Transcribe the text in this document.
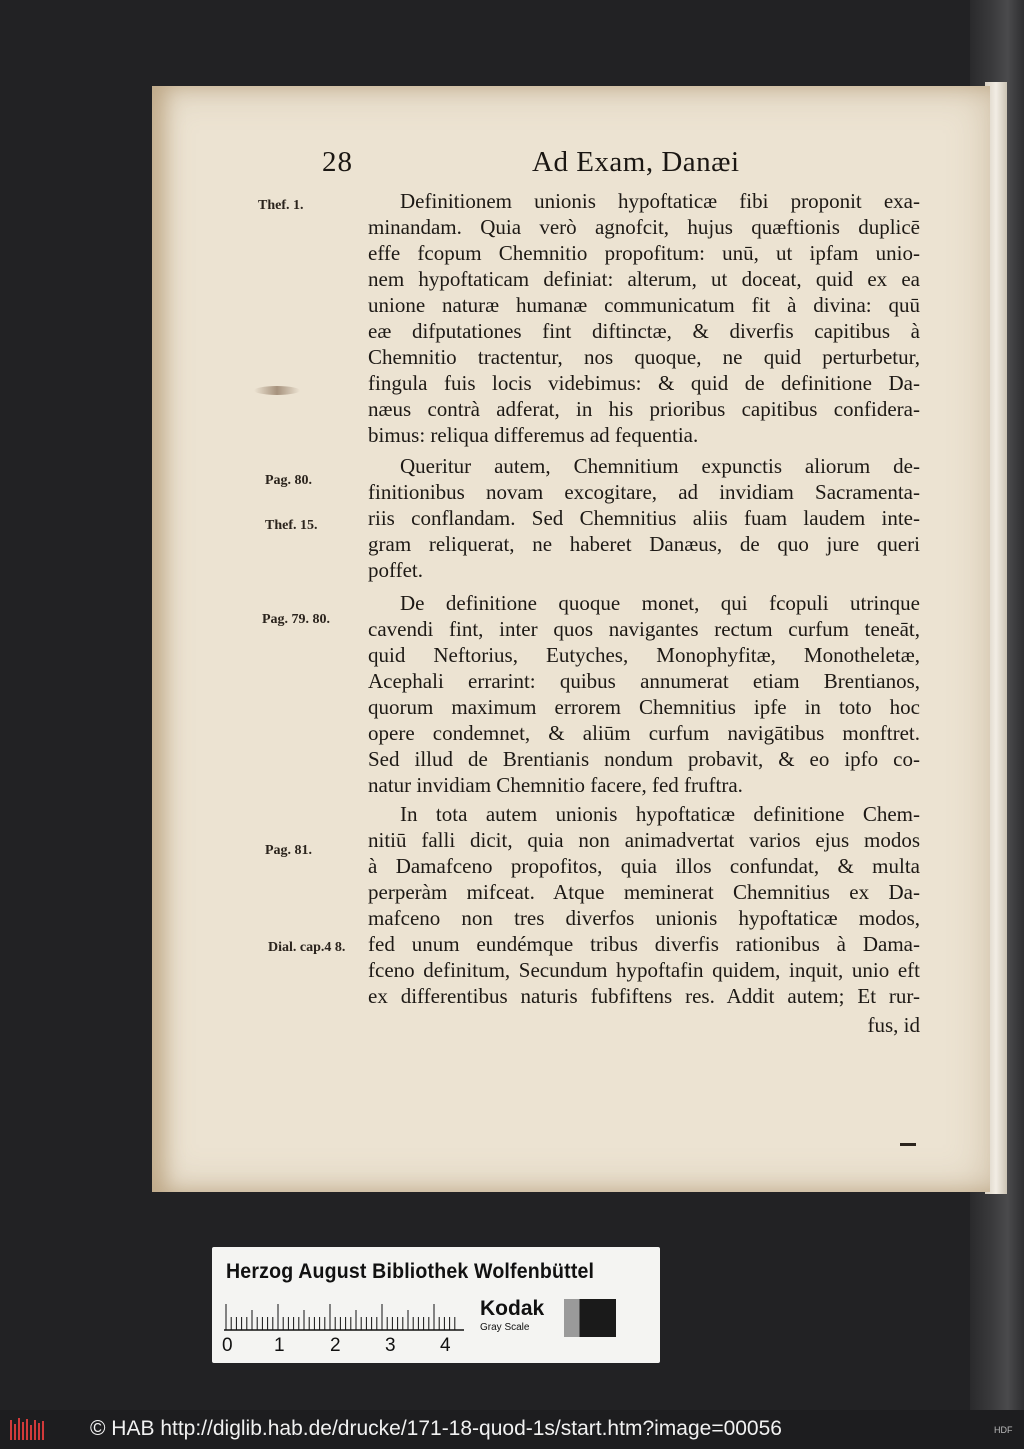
28	Ad Exam, Danæi
Thef. 1.
Pag. 80.
Thef. 15.
Pag. 79. 80.
Pag. 81.
Dial. cap.4 8.
Definitionem unionis hypoftaticæ fibi proponit exa-
minandam. Quia verò agnofcit, hujus quæftionis duplicē
effe fcopum Chemnitio propofitum: unū, ut ipfam unio-
nem hypoftaticam definiat: alterum, ut doceat, quid ex ea
unione naturæ humanæ communicatum fit à divina: quū
eæ difputationes fint diftinctæ, & diverfis capitibus à
Chemnitio tractentur, nos quoque, ne quid perturbetur,
fingula fuis locis videbimus: & quid de definitione Da-
næus contrà adferat, in his prioribus capitibus confidera-
bimus: reliqua differemus ad fequentia.
Queritur autem, Chemnitium expunctis aliorum de-
finitionibus novam excogitare, ad invidiam Sacramenta-
riis conflandam. Sed Chemnitius aliis fuam laudem inte-
gram reliquerat, ne haberet Danæus, de quo jure queri
poffet.
De definitione quoque monet, qui fcopuli utrinque
cavendi fint, inter quos navigantes rectum curfum teneāt,
quid Neftorius, Eutyches, Monophyfitæ, Monotheletæ,
Acephali errarint: quibus annumerat etiam Brentianos,
quorum maximum errorem Chemnitius ipfe in toto hoc
opere condemnet, & aliūm curfum navigātibus monftret.
Sed illud de Brentianis nondum probavit, & eo ipfo co-
natur invidiam Chemnitio facere, fed fruftra.
In tota autem unionis hypoftaticæ definitione Chem-
nitiū falli dicit, quia non animadvertat varios ejus modos
à Damafceno propofitos, quia illos confundat, & multa
perperàm mifceat. Atque meminerat Chemnitius ex Da-
mafceno non tres diverfos unionis hypoftaticæ modos,
fed unum eundémque tribus diverfis rationibus à Dama-
fceno definitum, Secundum hypoftafin quidem, inquit, unio eft
ex differentibus naturis fubfiftens res. Addit autem; Et rur-
fus, id
Herzog August Bibliothek Wolfenbüttel
0 1 2 3 4
Kodak
Gray Scale
© HAB http://diglib.hab.de/drucke/171-18-quod-1s/start.htm?image=00056	HDF
